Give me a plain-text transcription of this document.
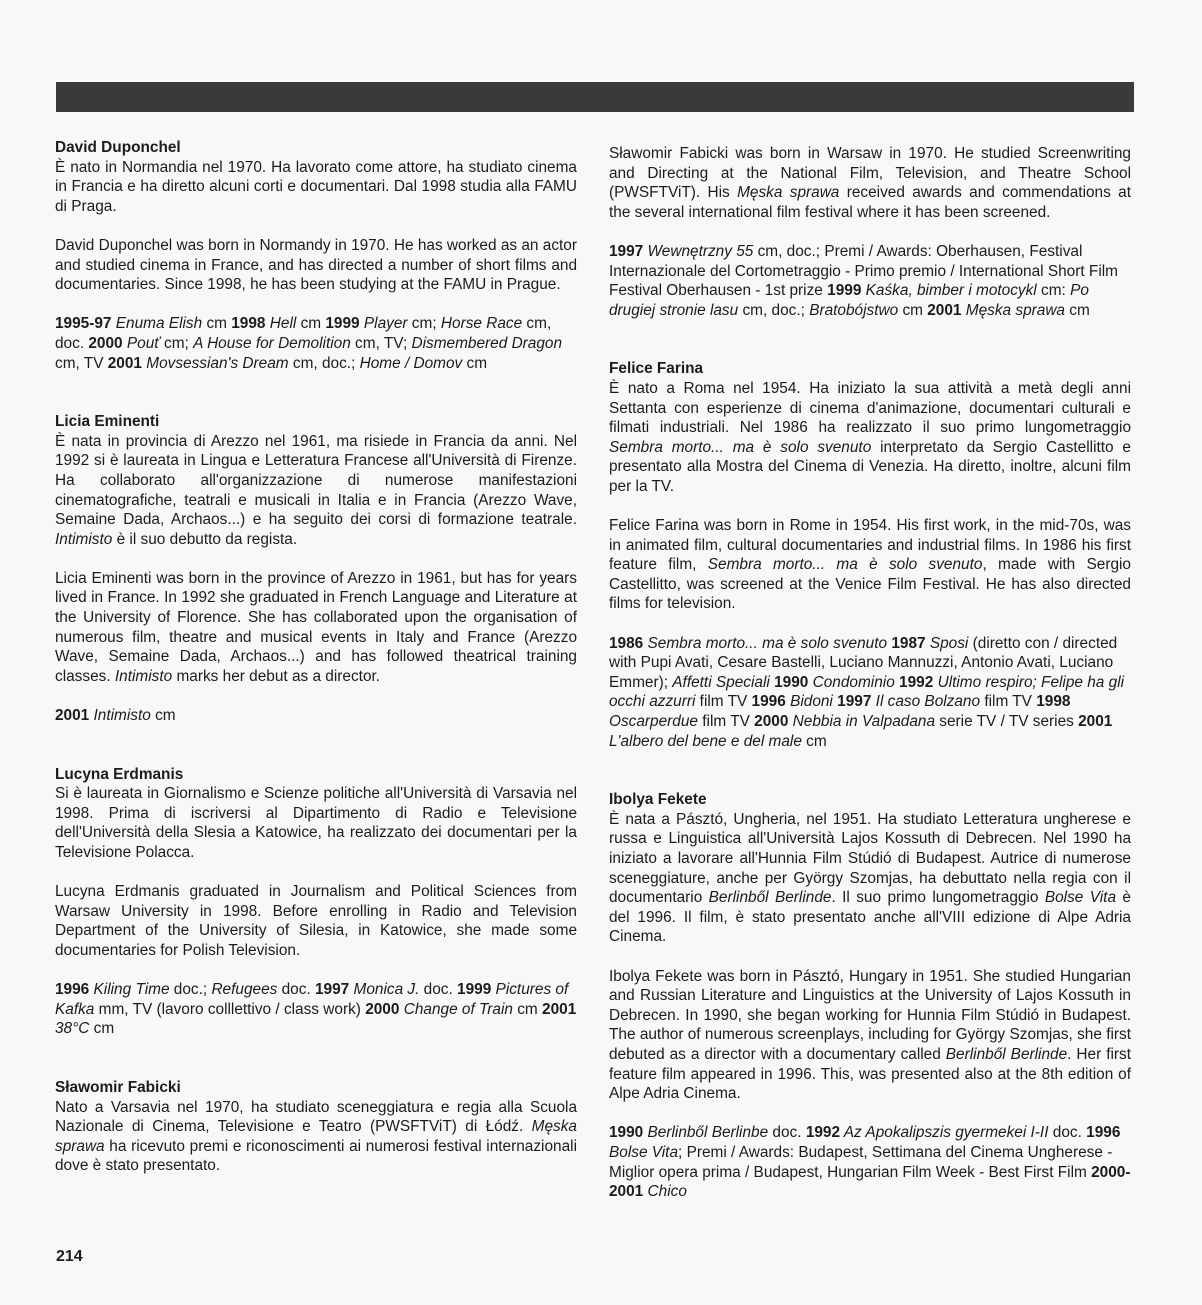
David Duponchel

È nato in Normandia nel 1970. Ha lavorato come attore, ha studiato cinema in Francia e ha diretto alcuni corti e documentari. Dal 1998 studia alla FAMU di Praga.

David Duponchel was born in Normandy in 1970. He has worked as an actor and studied cinema in France, and has directed a number of short films and documentaries. Since 1998, he has been studying at the FAMU in Prague.

1995-97 Enuma Elish cm 1998 Hell cm 1999 Player cm; Horse Race cm, doc. 2000 Pouť cm; A House for Demolition cm, TV; Dismembered Dragon cm, TV 2001 Movsessian's Dream cm, doc.; Home / Domov cm

Licia Eminenti

È nata in provincia di Arezzo nel 1961, ma risiede in Francia da anni. Nel 1992 si è laureata in Lingua e Letteratura Francese all'Università di Firenze. Ha collaborato all'organizzazione di numerose manifestazioni cinematografiche, teatrali e musicali in Italia e in Francia (Arezzo Wave, Semaine Dada, Archaos...) e ha seguito dei corsi di formazione teatrale. Intimisto è il suo debutto da regista.

Licia Eminenti was born in the province of Arezzo in 1961, but has for years lived in France. In 1992 she graduated in French Language and Literature at the University of Florence. She has collaborated upon the organisation of numerous film, theatre and musical events in Italy and France (Arezzo Wave, Semaine Dada, Archaos...) and has followed theatrical training classes. Intimisto marks her debut as a director.

2001 Intimisto cm

Lucyna Erdmanis

Si è laureata in Giornalismo e Scienze politiche all'Università di Varsavia nel 1998. Prima di iscriversi al Dipartimento di Radio e Televisione dell'Università della Slesia a Katowice, ha realizzato dei documentari per la Televisione Polacca.

Lucyna Erdmanis graduated in Journalism and Political Sciences from Warsaw University in 1998. Before enrolling in Radio and Television Department of the University of Silesia, in Katowice, she made some documentaries for Polish Television.

1996 Kiling Time doc.; Refugees doc. 1997 Monica J. doc. 1999 Pictures of Kafka mm, TV (lavoro colllettivo / class work) 2000 Change of Train cm 2001 38°C cm

Sławomir Fabicki

Nato a Varsavia nel 1970, ha studiato sceneggiatura e regia alla Scuola Nazionale di Cinema, Televisione e Teatro (PWSFTViT) di Łódź. Męska sprawa ha ricevuto premi e riconoscimenti ai numerosi festival internazionali dove è stato presentato.

Sławomir Fabicki was born in Warsaw in 1970. He studied Screenwriting and Directing at the National Film, Television, and Theatre School (PWSFTViT). His Męska sprawa received awards and commendations at the several international film festival where it has been screened.

1997 Wewnętrzny 55 cm, doc.; Premi / Awards: Oberhausen, Festival Internazionale del Cortometraggio - Primo premio / International Short Film Festival Oberhausen - 1st prize 1999 Kaśka, bimber i motocykl cm: Po drugiej stronie lasu cm, doc.; Bratobójstwo cm 2001 Męska sprawa cm

Felice Farina

È nato a Roma nel 1954. Ha iniziato la sua attività a metà degli anni Settanta con esperienze di cinema d'animazione, documentari culturali e filmati industriali. Nel 1986 ha realizzato il suo primo lungometraggio Sembra morto... ma è solo svenuto interpretato da Sergio Castellitto e presentato alla Mostra del Cinema di Venezia. Ha diretto, inoltre, alcuni film per la TV.

Felice Farina was born in Rome in 1954. His first work, in the mid-70s, was in animated film, cultural documentaries and industrial films. In 1986 his first feature film, Sembra morto... ma è solo svenuto, made with Sergio Castellitto, was screened at the Venice Film Festival. He has also directed films for television.

1986 Sembra morto... ma è solo svenuto 1987 Sposi (diretto con / directed with Pupi Avati, Cesare Bastelli, Luciano Mannuzzi, Antonio Avati, Luciano Emmer); Affetti Speciali 1990 Condominio 1992 Ultimo respiro; Felipe ha gli occhi azzurri film TV 1996 Bidoni 1997 Il caso Bolzano film TV 1998 Oscarperdue film TV 2000 Nebbia in Valpadana serie TV / TV series 2001 L'albero del bene e del male cm

Ibolya Fekete

È nata a Pásztó, Ungheria, nel 1951. Ha studiato Letteratura ungherese e russa e Linguistica all'Università Lajos Kossuth di Debrecen. Nel 1990 ha iniziato a lavorare all'Hunnia Film Stúdió di Budapest. Autrice di numerose sceneggiature, anche per György Szomjas, ha debuttato nella regia con il documentario Berlinből Berlinde. Il suo primo lungometraggio Bolse Vita è del 1996. Il film, è stato presentato anche all'VIII edizione di Alpe Adria Cinema.

Ibolya Fekete was born in Pásztó, Hungary in 1951. She studied Hungarian and Russian Literature and Linguistics at the University of Lajos Kossuth in Debrecen. In 1990, she began working for Hunnia Film Stúdió in Budapest. The author of numerous screenplays, including for György Szomjas, she first debuted as a director with a documentary called Berlinből Berlinde. Her first feature film appeared in 1996. This, was presented also at the 8th edition of Alpe Adria Cinema.

1990 Berlinből Berlinbe doc. 1992 Az Apokalipszis gyermekei I-II doc. 1996 Bolse Vita; Premi / Awards: Budapest, Settimana del Cinema Ungherese - Miglior opera prima / Budapest, Hungarian Film Week - Best First Film 2000-2001 Chico

214
